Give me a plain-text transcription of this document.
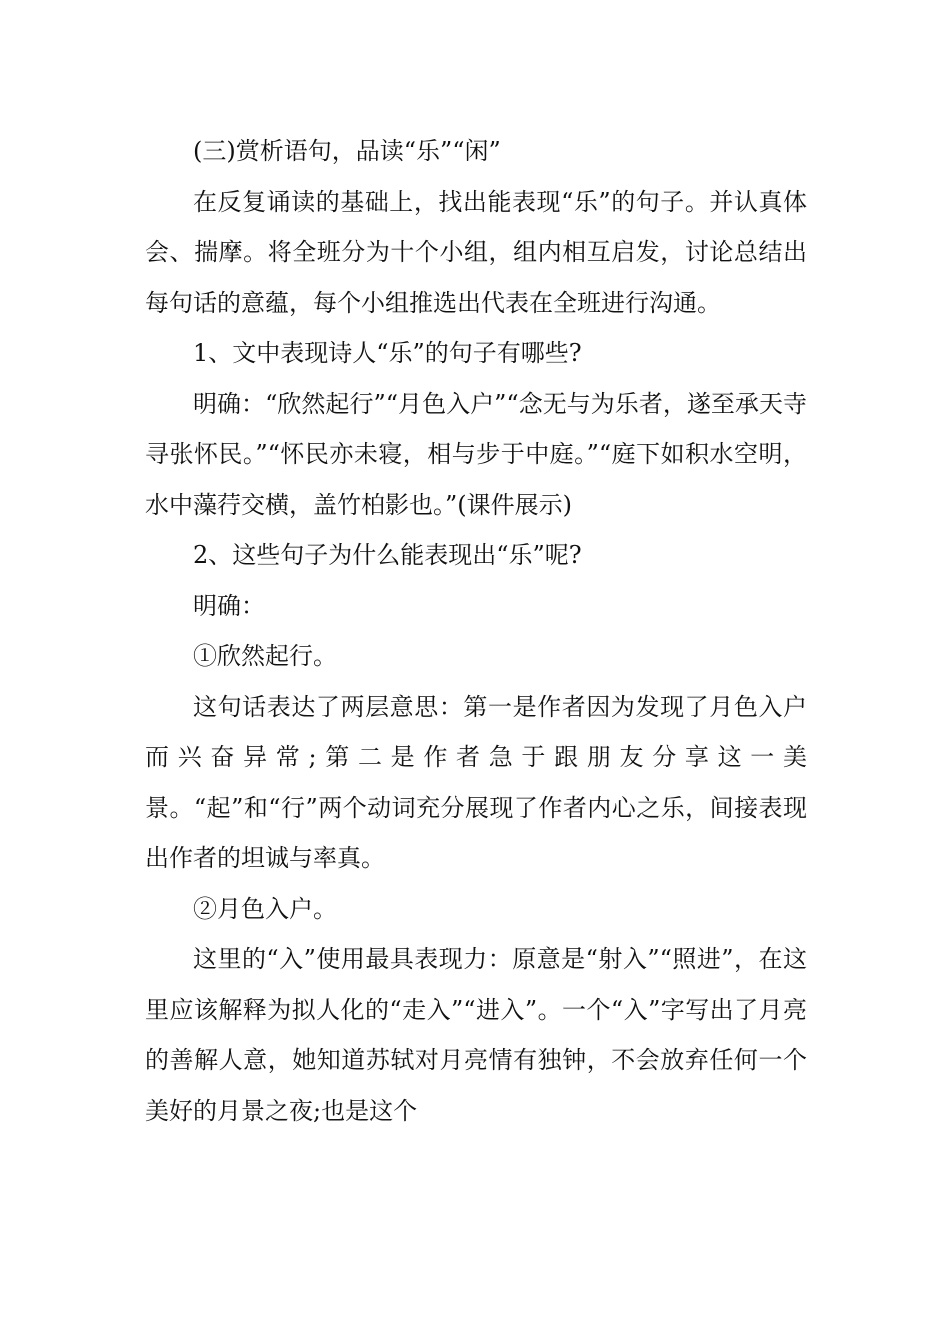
(三)赏析语句，品读“乐”“闲”

在反复诵读的基础上，找出能表现“乐”的句子。并认真体会、揣摩。将全班分为十个小组，组内相互启发，讨论总结出每句话的意蕴，每个小组推选出代表在全班进行沟通。

1、文中表现诗人“乐”的句子有哪些?

明确：“欣然起行”“月色入户”“念无与为乐者，遂至承天寺寻张怀民。”“怀民亦未寝，相与步于中庭。”“庭下如积水空明，水中藻荇交横，盖竹柏影也。”(课件展示)

2、这些句子为什么能表现出“乐”呢?

明确：

①欣然起行。

这句话表达了两层意思：第一是作者因为发现了月色入户而兴奋异常;第二是作者急于跟朋友分享这一美景。“起”和“行”两个动词充分展现了作者内心之乐，间接表现出作者的坦诚与率真。

②月色入户。

这里的“入”使用最具表现力：原意是“射入”“照进”，在这里应该解释为拟人化的“走入”“进入”。一个“入”字写出了月亮的善解人意，她知道苏轼对月亮情有独钟，不会放弃任何一个美好的月景之夜;也是这个
